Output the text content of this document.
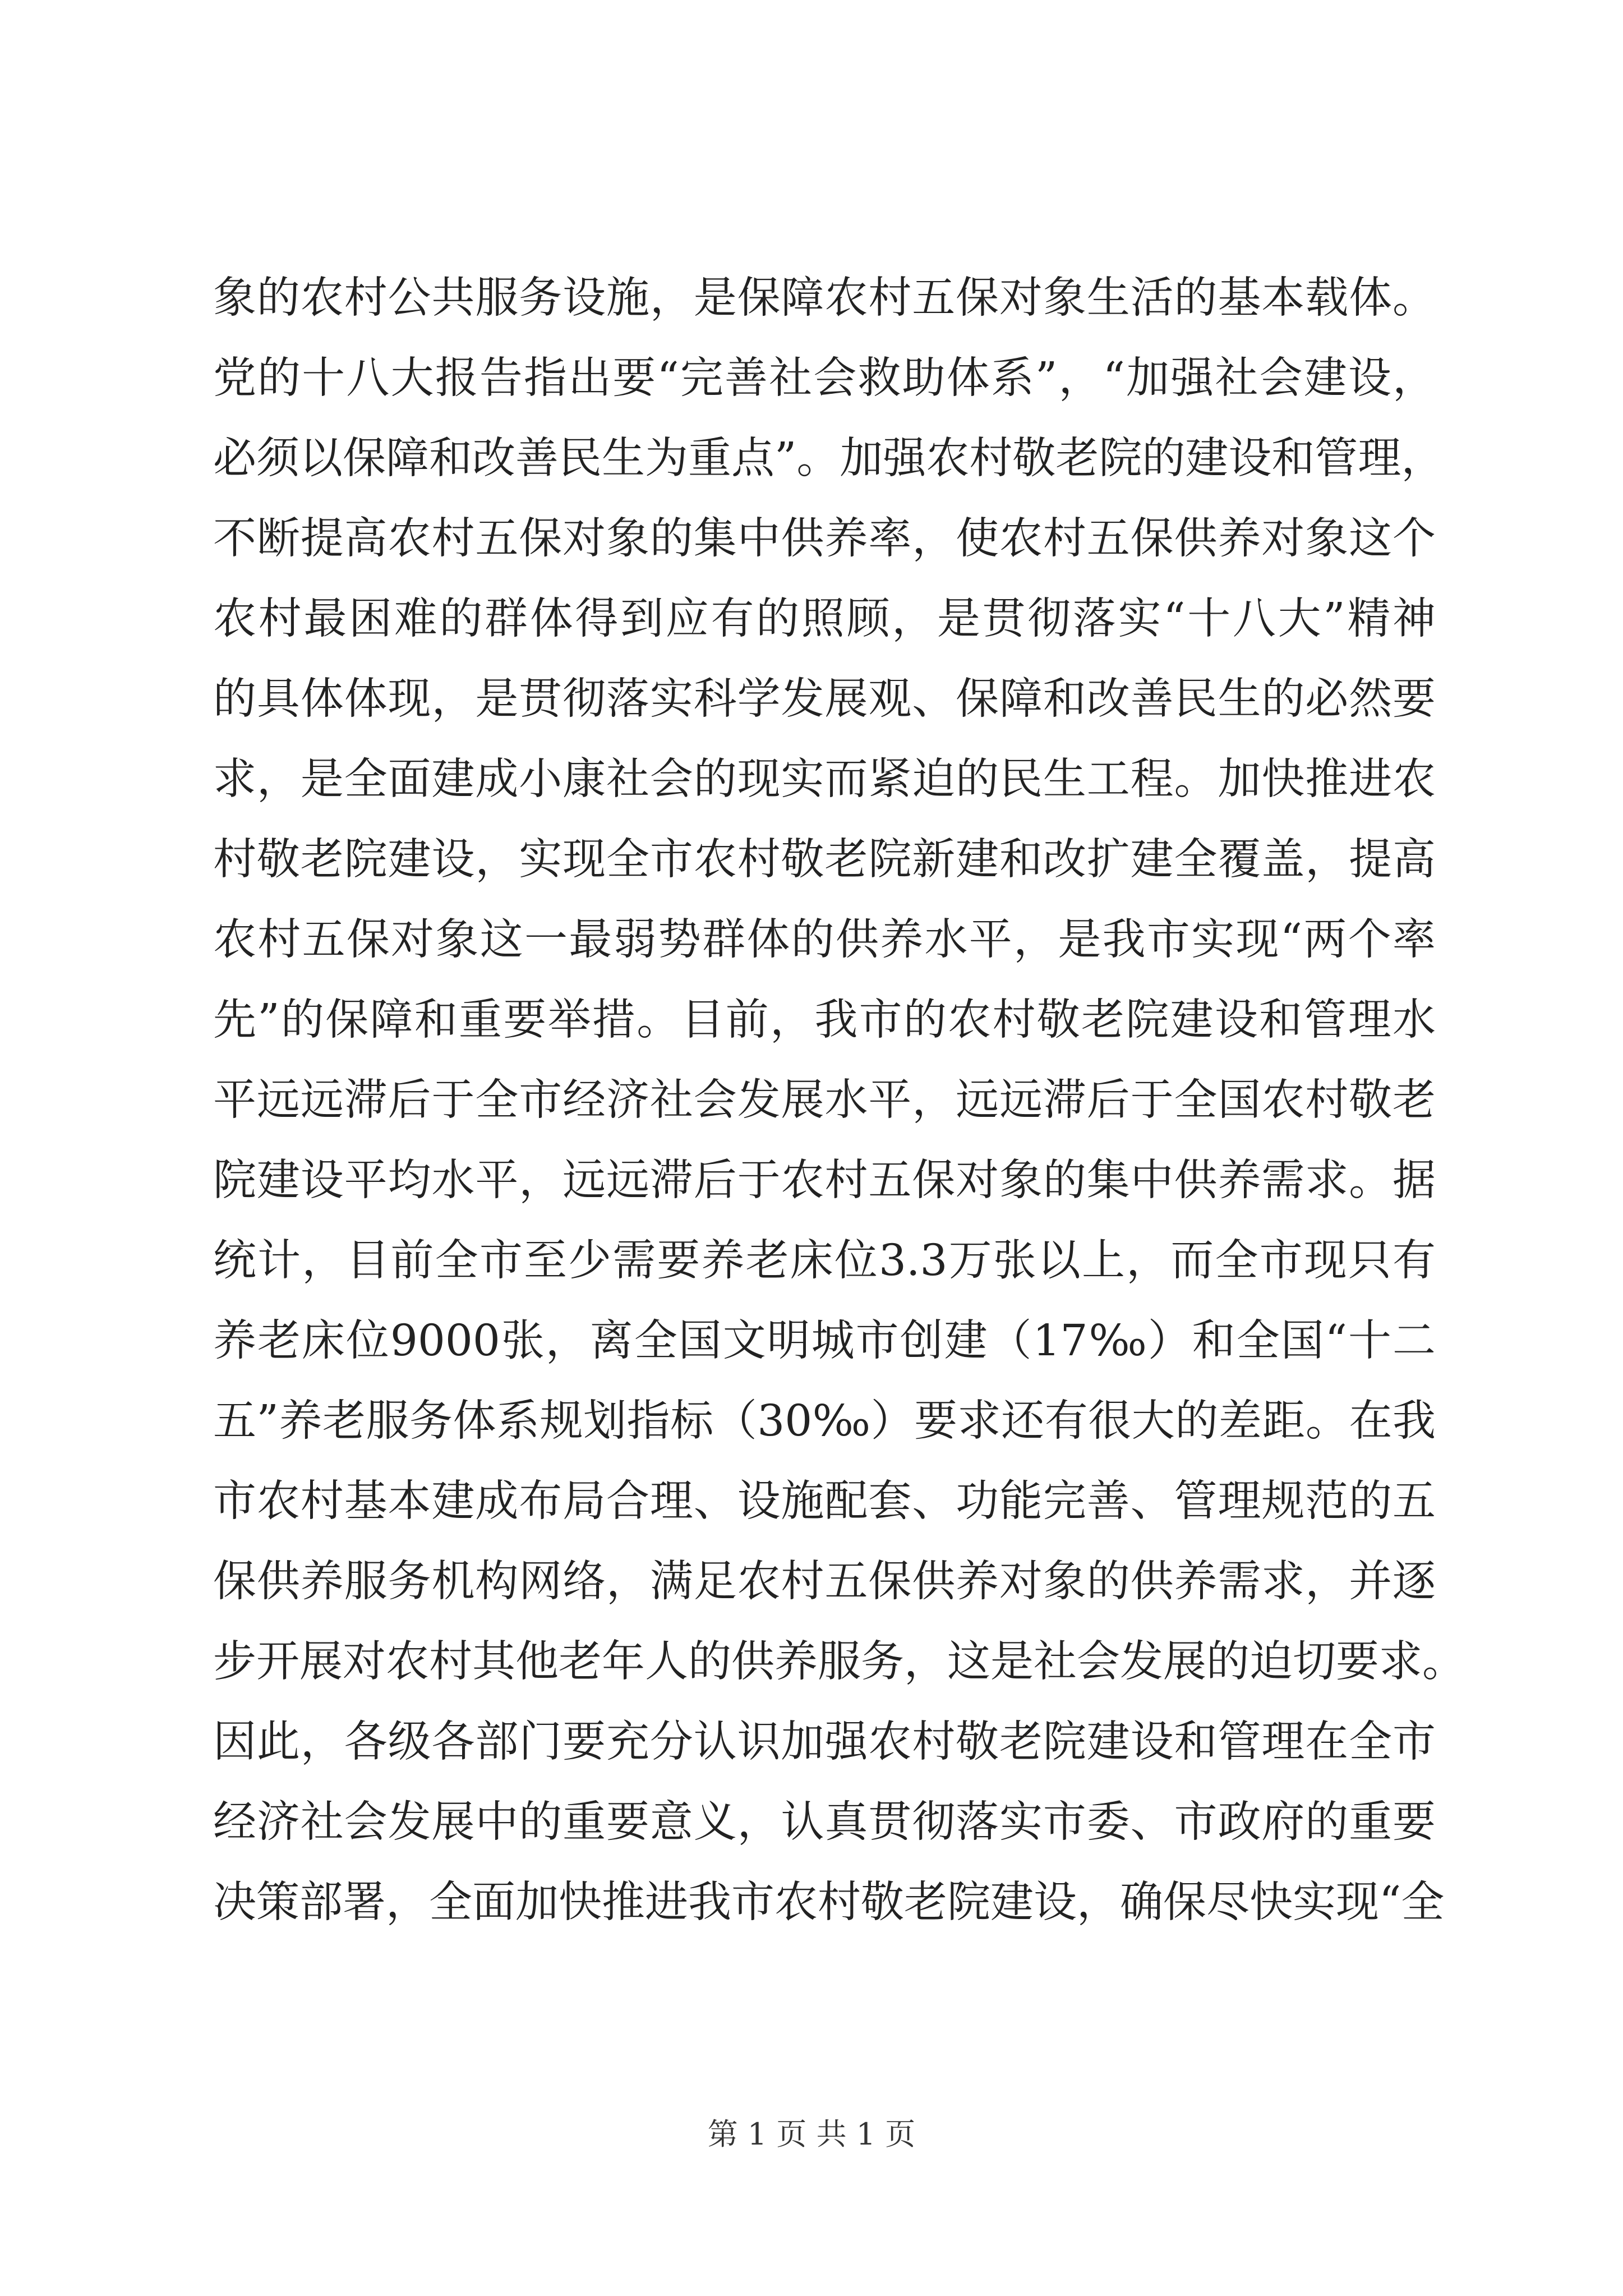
象的农村公共服务设施，是保障农村五保对象生活的基本载体。
党的十八大报告指出要“完善社会救助体系”，“加强社会建设，
必须以保障和改善民生为重点”。加强农村敬老院的建设和管理，
不断提高农村五保对象的集中供养率，使农村五保供养对象这个
农村最困难的群体得到应有的照顾，是贯彻落实“十八大”精神
的具体体现，是贯彻落实科学发展观、保障和改善民生的必然要
求，是全面建成小康社会的现实而紧迫的民生工程。加快推进农
村敬老院建设，实现全市农村敬老院新建和改扩建全覆盖，提高
农村五保对象这一最弱势群体的供养水平，是我市实现“两个率
先”的保障和重要举措。目前，我市的农村敬老院建设和管理水
平远远滞后于全市经济社会发展水平，远远滞后于全国农村敬老
院建设平均水平，远远滞后于农村五保对象的集中供养需求。据
统计，目前全市至少需要养老床位3.3万张以上，而全市现只有
养老床位9000张，离全国文明城市创建（17‰）和全国“十二
五”养老服务体系规划指标（30‰）要求还有很大的差距。在我
市农村基本建成布局合理、设施配套、功能完善、管理规范的五
保供养服务机构网络，满足农村五保供养对象的供养需求，并逐
步开展对农村其他老年人的供养服务，这是社会发展的迫切要求。
因此，各级各部门要充分认识加强农村敬老院建设和管理在全市
经济社会发展中的重要意义，认真贯彻落实市委、市政府的重要
决策部署，全面加快推进我市农村敬老院建设，确保尽快实现“全
第 1 页 共 1 页
